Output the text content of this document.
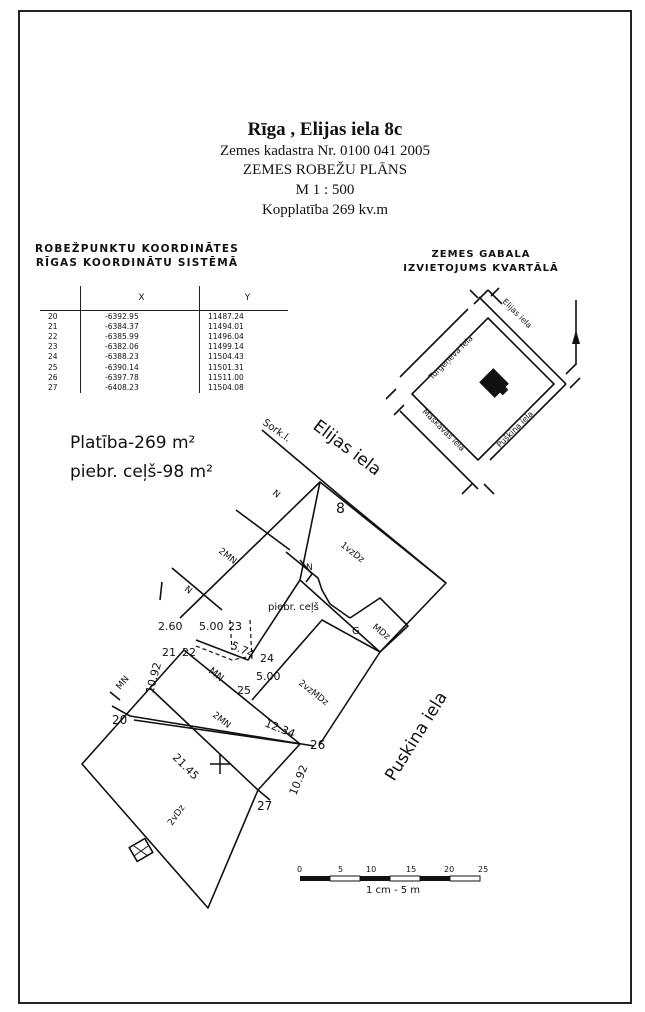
Rīga , Elijas iela 8c
Zemes kadastra Nr. 0100 041 2005
ZEMES ROBEŽU PLĀNS
M 1 : 500
Kopplatība 269 kv.m
ROBEŽPUNKTU KOORDINĀTES
RĪGAS KOORDINĀTU SISTĒMĀ
	X	Y
20	-6392.95	11487.24
21	-6384.37	11494.01
22	-6385.99	11496.04
23	-6382.06	11499.14
24	-6388.23	11504.43
25	-6390.14	11501.31
26	-6397.78	11511.00
27	-6408.23	11504.08
Platība-269 m²
piebr. ceļš-98 m²
ZEMES GABALA
IZVIETOJUMS KVARTĀLĀ
Elijas iela
Puskina iela
Sork.l.
8
piebr. ceļš
1vzDz
2vzMDz
MDz
2MN
MN
2MN
2vDz
MN
N
N
N
G
20
21 22
23
24
25
26
27
2.60 5.00
5.74
5.00
10.92
12.34
21.45	10.92
Elijas iela
Turgeņeva iela
Maskavas iela	Puškina iela
0	5	10	15	20	25
1 cm - 5 m
